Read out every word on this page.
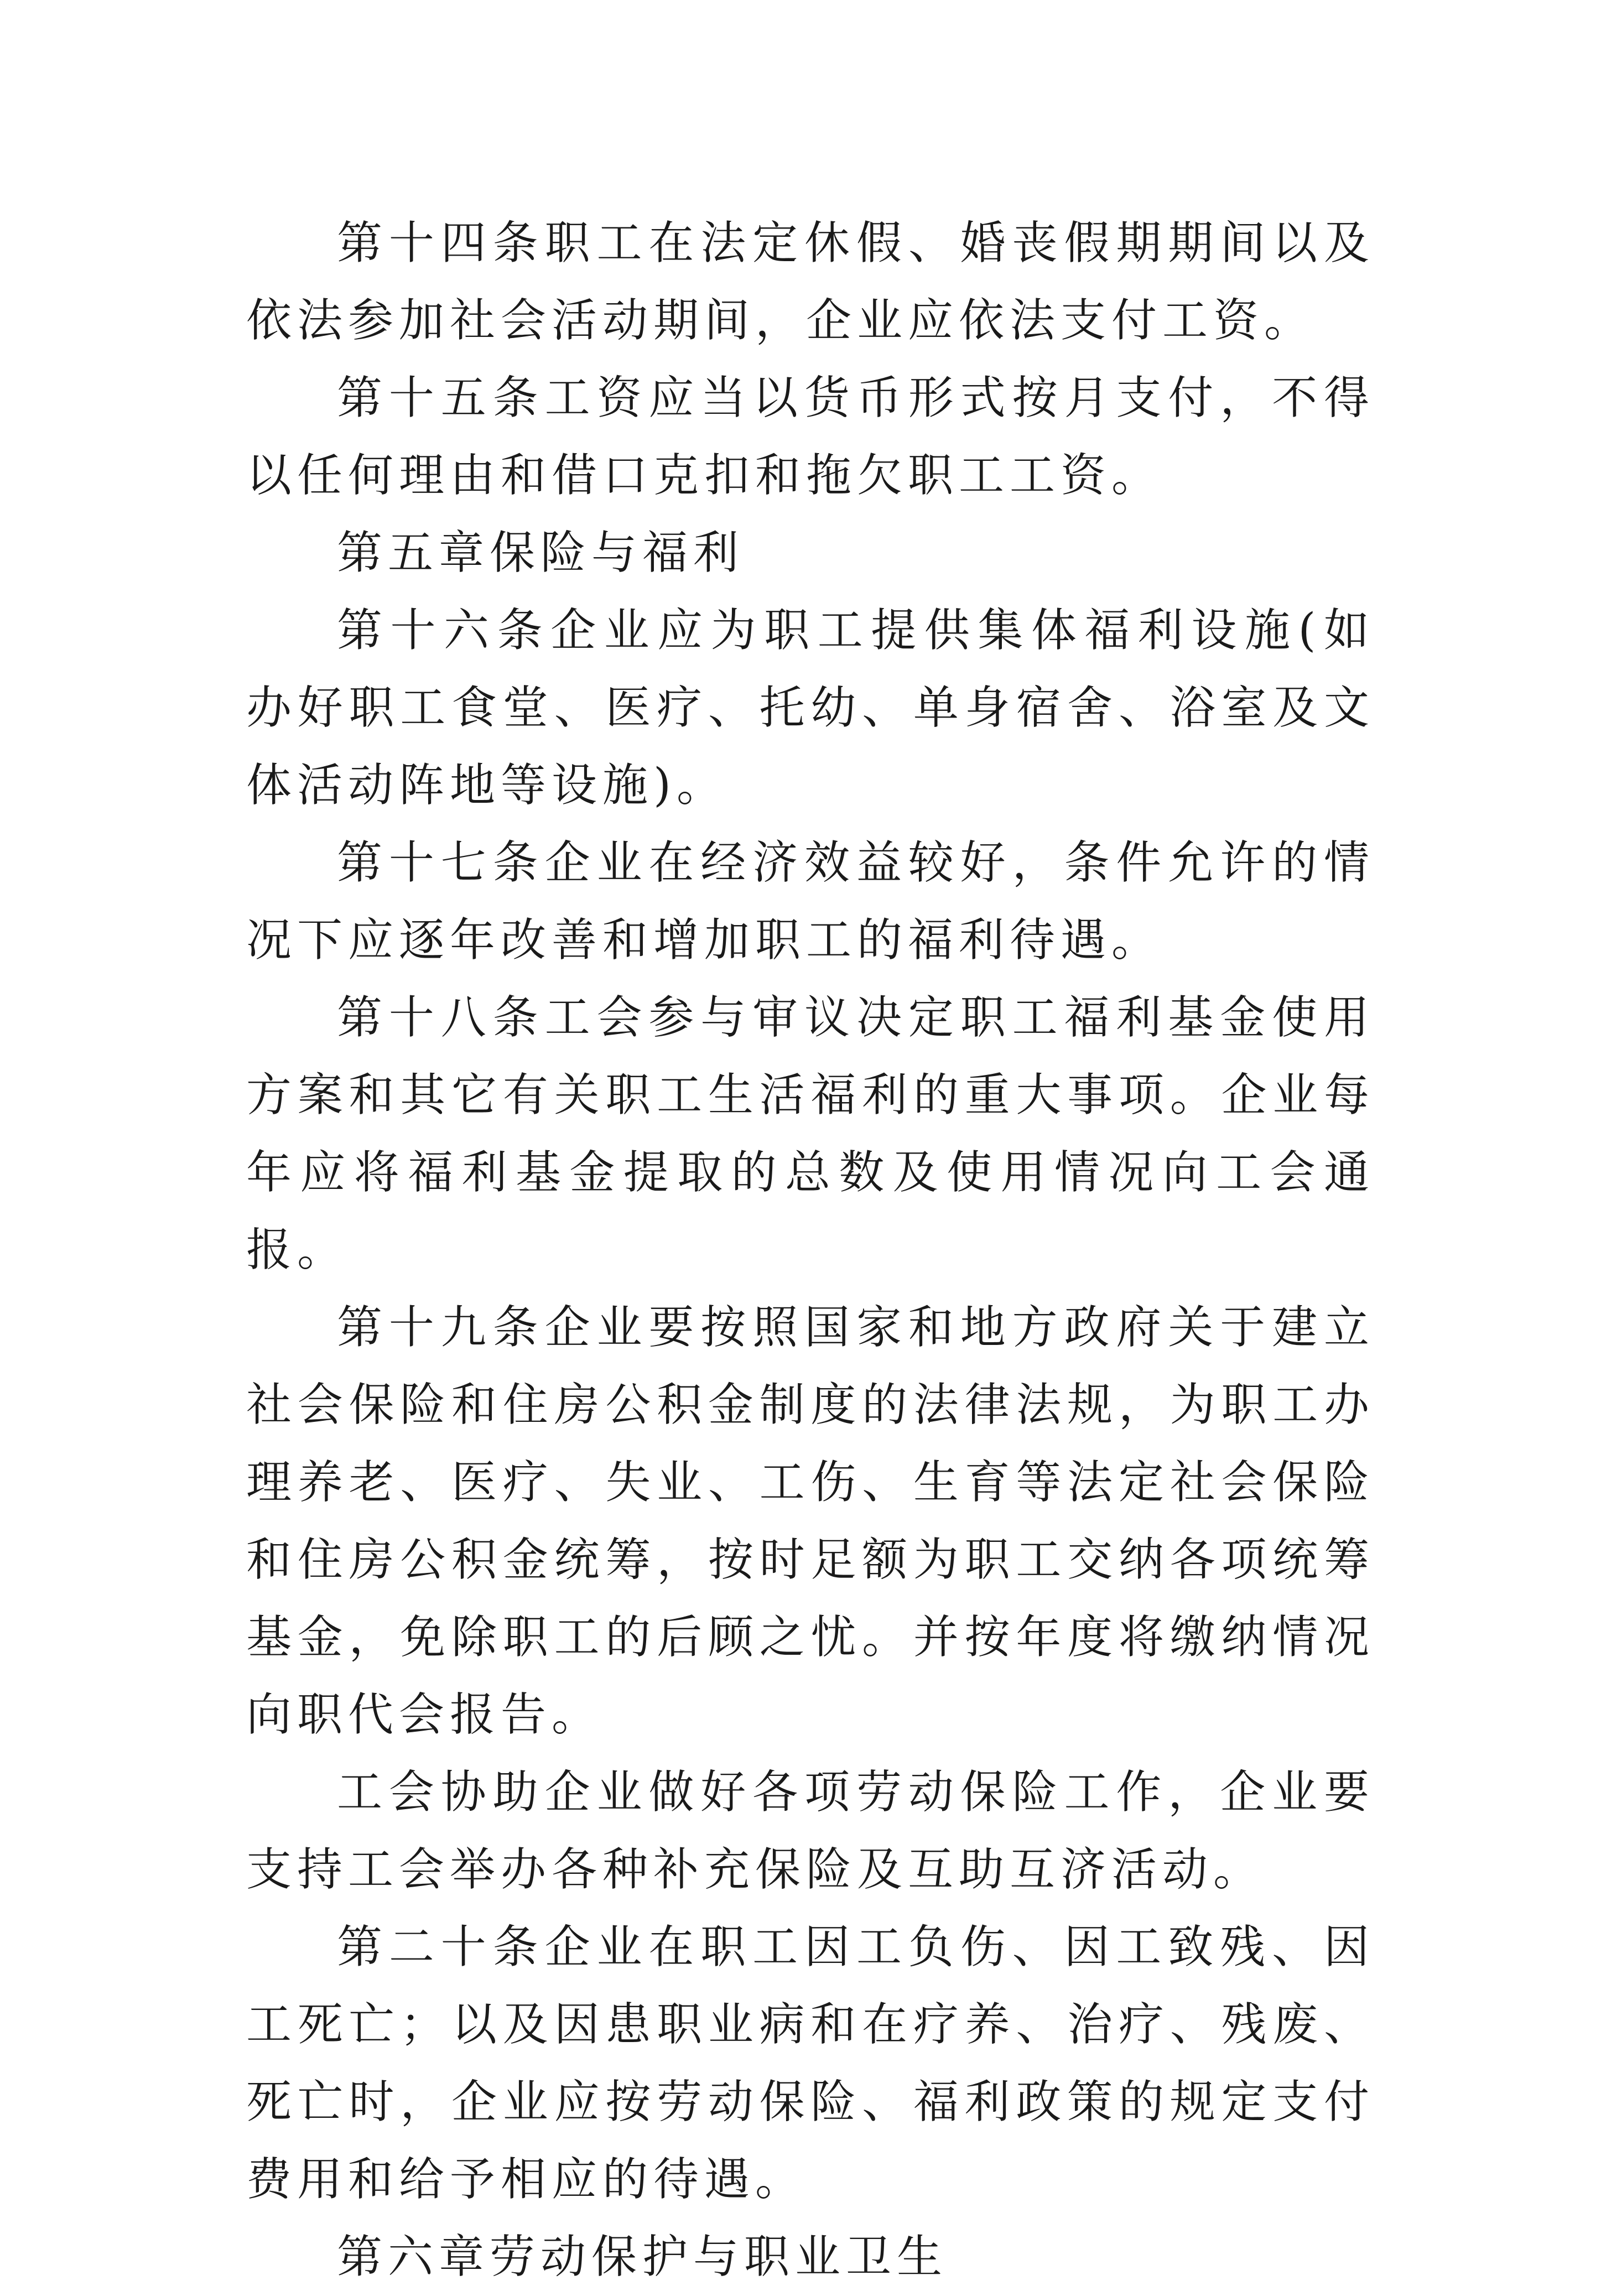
第十四条职工在法定休假、婚丧假期期间以及依法参加社会活动期间，企业应依法支付工资。

第十五条工资应当以货币形式按月支付，不得以任何理由和借口克扣和拖欠职工工资。

第五章保险与福利

第十六条企业应为职工提供集体福利设施(如办好职工食堂、医疗、托幼、单身宿舍、浴室及文体活动阵地等设施)。

第十七条企业在经济效益较好，条件允许的情况下应逐年改善和增加职工的福利待遇。

第十八条工会参与审议决定职工福利基金使用方案和其它有关职工生活福利的重大事项。企业每年应将福利基金提取的总数及使用情况向工会通报。

第十九条企业要按照国家和地方政府关于建立社会保险和住房公积金制度的法律法规，为职工办理养老、医疗、失业、工伤、生育等法定社会保险和住房公积金统筹，按时足额为职工交纳各项统筹基金，免除职工的后顾之忧。并按年度将缴纳情况向职代会报告。

工会协助企业做好各项劳动保险工作，企业要支持工会举办各种补充保险及互助互济活动。

第二十条企业在职工因工负伤、因工致残、因工死亡；以及因患职业病和在疗养、治疗、残废、死亡时，企业应按劳动保险、福利政策的规定支付费用和给予相应的待遇。

第六章劳动保护与职业卫生
